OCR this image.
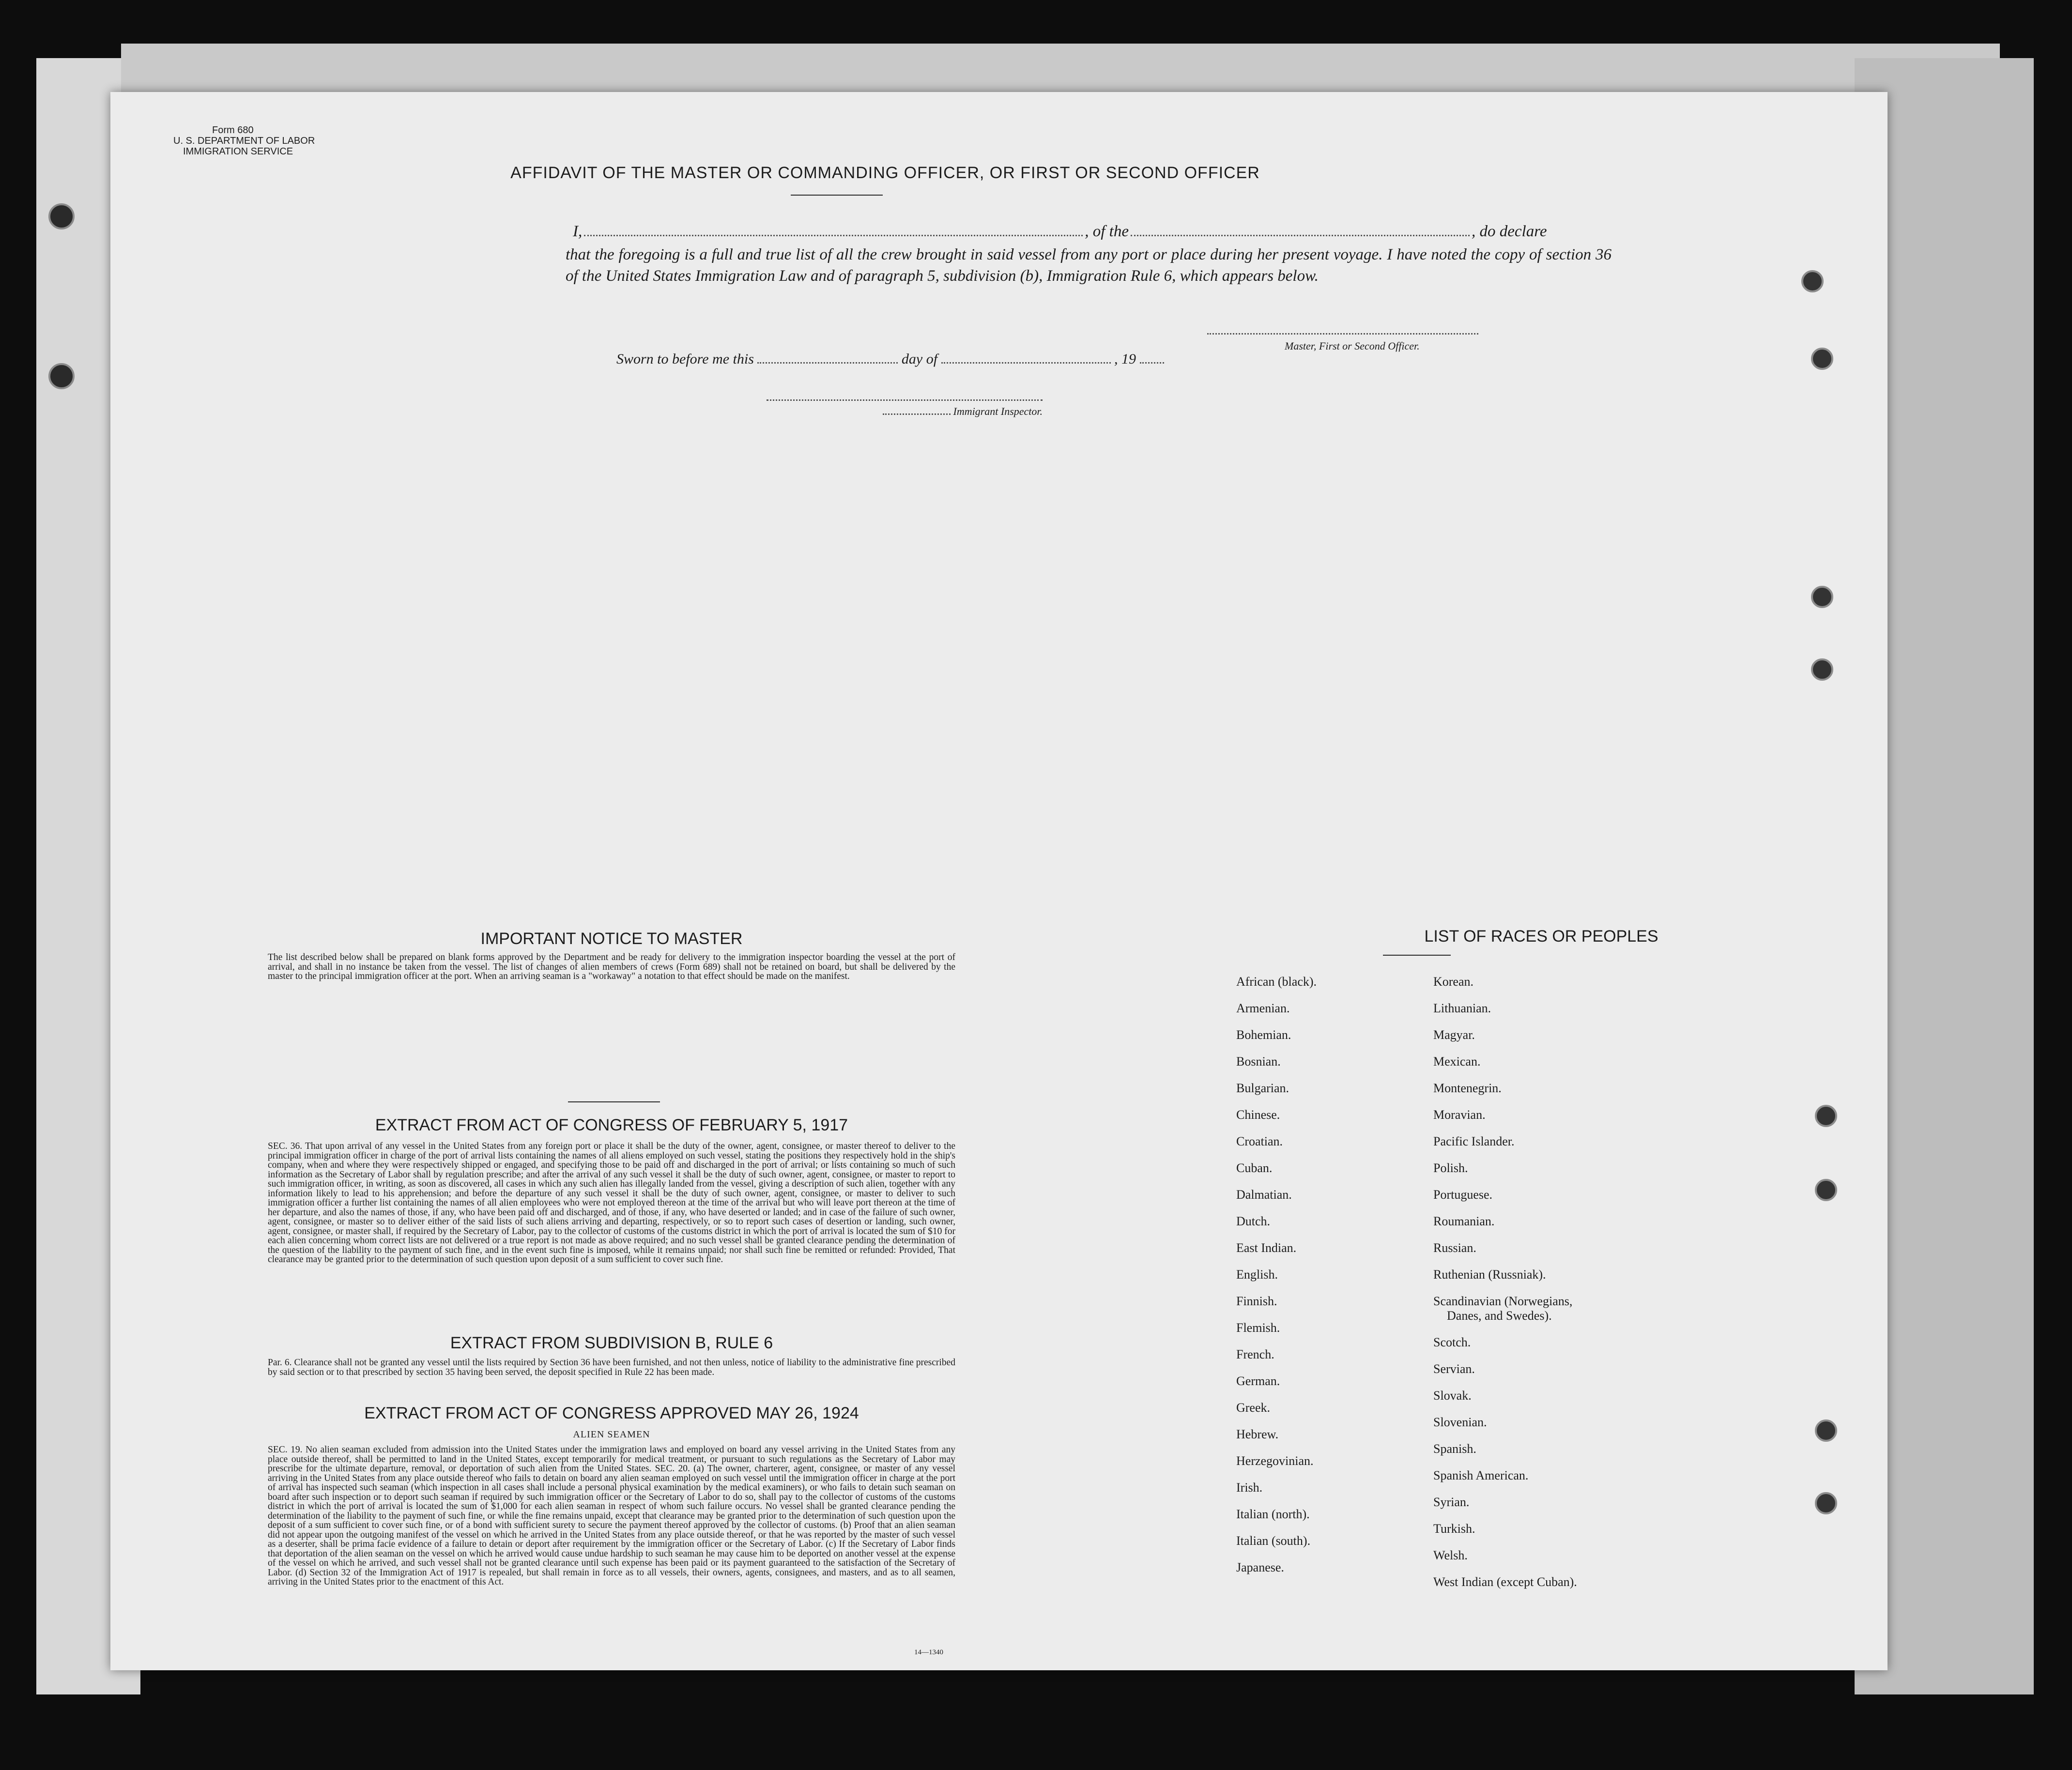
Form 680
U. S. DEPARTMENT OF LABOR
IMMIGRATION SERVICE
AFFIDAVIT OF THE MASTER OR COMMANDING OFFICER, OR FIRST OR SECOND OFFICER
I,	, of the	, do declare
that the foregoing is a full and true list of all the crew brought in said vessel from any port or place during her present voyage. I have noted the copy of section 36 of the United States Immigration Law and of paragraph 5, subdivision (b), Immigration Rule 6, which appears below.
Master, First or Second Officer.
Sworn to before me this	day of	, 19
Immigrant Inspector.
IMPORTANT NOTICE TO MASTER
The list described below shall be prepared on blank forms approved by the Department and be ready for delivery to the immigration inspector boarding the vessel at the port of arrival, and shall in no instance be taken from the vessel. The list of changes of alien members of crews (Form 689) shall not be retained on board, but shall be delivered by the master to the principal immigration officer at the port. When an arriving seaman is a "workaway" a notation to that effect should be made on the manifest.
EXTRACT FROM ACT OF CONGRESS OF FEBRUARY 5, 1917
SEC. 36. That upon arrival of any vessel in the United States from any foreign port or place it shall be the duty of the owner, agent, consignee, or master thereof to deliver to the principal immigration officer in charge of the port of arrival lists containing the names of all aliens employed on such vessel, stating the positions they respectively hold in the ship's company, when and where they were respectively shipped or engaged, and specifying those to be paid off and discharged in the port of arrival; or lists containing so much of such information as the Secretary of Labor shall by regulation prescribe; and after the arrival of any such vessel it shall be the duty of such owner, agent, consignee, or master to report to such immigration officer, in writing, as soon as discovered, all cases in which any such alien has illegally landed from the vessel, giving a description of such alien, together with any information likely to lead to his apprehension; and before the departure of any such vessel it shall be the duty of such owner, agent, consignee, or master to deliver to such immigration officer a further list containing the names of all alien employees who were not employed thereon at the time of the arrival but who will leave port thereon at the time of her departure, and also the names of those, if any, who have been paid off and discharged, and of those, if any, who have deserted or landed; and in case of the failure of such owner, agent, consignee, or master so to deliver either of the said lists of such aliens arriving and departing, respectively, or so to report such cases of desertion or landing, such owner, agent, consignee, or master shall, if required by the Secretary of Labor, pay to the collector of customs of the customs district in which the port of arrival is located the sum of $10 for each alien concerning whom correct lists are not delivered or a true report is not made as above required; and no such vessel shall be granted clearance pending the determination of the question of the liability to the payment of such fine, and in the event such fine is imposed, while it remains unpaid; nor shall such fine be remitted or refunded: Provided, That clearance may be granted prior to the determination of such question upon deposit of a sum sufficient to cover such fine.
EXTRACT FROM SUBDIVISION B, RULE 6
Par. 6. Clearance shall not be granted any vessel until the lists required by Section 36 have been furnished, and not then unless, notice of liability to the administrative fine prescribed by said section or to that prescribed by section 35 having been served, the deposit specified in Rule 22 has been made.
EXTRACT FROM ACT OF CONGRESS APPROVED MAY 26, 1924
ALIEN SEAMEN
SEC. 19. No alien seaman excluded from admission into the United States under the immigration laws and employed on board any vessel arriving in the United States from any place outside thereof, shall be permitted to land in the United States, except temporarily for medical treatment, or pursuant to such regulations as the Secretary of Labor may prescribe for the ultimate departure, removal, or deportation of such alien from the United States. SEC. 20. (a) The owner, charterer, agent, consignee, or master of any vessel arriving in the United States from any place outside thereof who fails to detain on board any alien seaman employed on such vessel until the immigration officer in charge at the port of arrival has inspected such seaman (which inspection in all cases shall include a personal physical examination by the medical examiners), or who fails to detain such seaman on board after such inspection or to deport such seaman if required by such immigration officer or the Secretary of Labor to do so, shall pay to the collector of customs of the customs district in which the port of arrival is located the sum of $1,000 for each alien seaman in respect of whom such failure occurs. No vessel shall be granted clearance pending the determination of the liability to the payment of such fine, or while the fine remains unpaid, except that clearance may be granted prior to the determination of such question upon the deposit of a sum sufficient to cover such fine, or of a bond with sufficient surety to secure the payment thereof approved by the collector of customs. (b) Proof that an alien seaman did not appear upon the outgoing manifest of the vessel on which he arrived in the United States from any place outside thereof, or that he was reported by the master of such vessel as a deserter, shall be prima facie evidence of a failure to detain or deport after requirement by the immigration officer or the Secretary of Labor. (c) If the Secretary of Labor finds that deportation of the alien seaman on the vessel on which he arrived would cause undue hardship to such seaman he may cause him to be deported on another vessel at the expense of the vessel on which he arrived, and such vessel shall not be granted clearance until such expense has been paid or its payment guaranteed to the satisfaction of the Secretary of Labor. (d) Section 32 of the Immigration Act of 1917 is repealed, but shall remain in force as to all vessels, their owners, agents, consignees, and masters, and as to all seamen, arriving in the United States prior to the enactment of this Act.
14—1340
LIST OF RACES OR PEOPLES
African (black).
Armenian.
Bohemian.
Bosnian.
Bulgarian.
Chinese.
Croatian.
Cuban.
Dalmatian.
Dutch.
East Indian.
English.
Finnish.
Flemish.
French.
German.
Greek.
Hebrew.
Herzegovinian.
Irish.
Italian (north).
Italian (south).
Japanese.
Korean.
Lithuanian.
Magyar.
Mexican.
Montenegrin.
Moravian.
Pacific Islander.
Polish.
Portuguese.
Roumanian.
Russian.
Ruthenian (Russniak).
Scandinavian (Norwegians,
Danes, and Swedes).
Scotch.
Servian.
Slovak.
Slovenian.
Spanish.
Spanish American.
Syrian.
Turkish.
Welsh.
West Indian (except Cuban).
